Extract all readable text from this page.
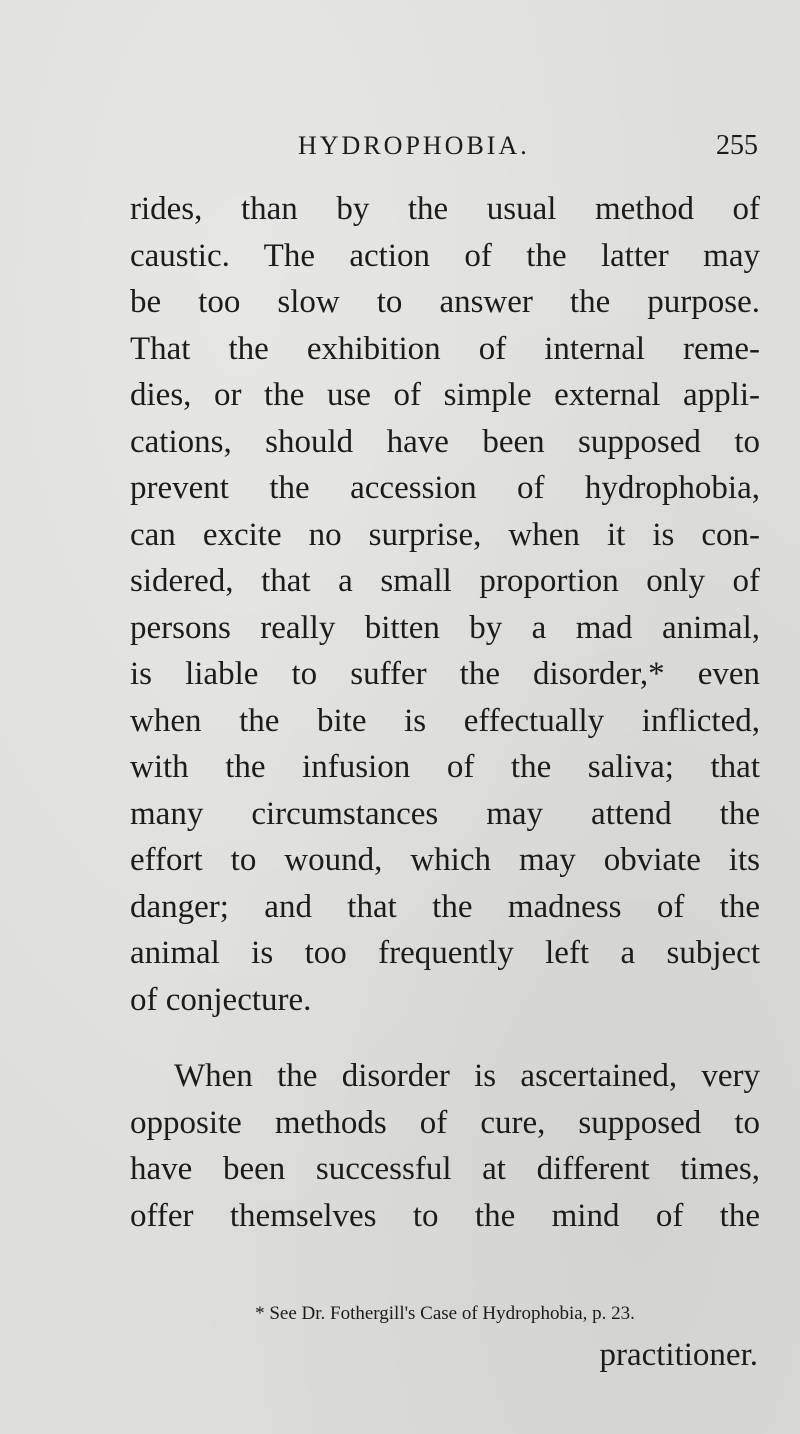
HYDROPHOBIA.	255

rides, than by the usual method of
caustic. The action of the latter may
be too slow to answer the purpose.
That the exhibition of internal reme-
dies, or the use of simple external appli-
cations, should have been supposed to
prevent the accession of hydrophobia,
can excite no surprise, when it is con-
sidered, that a small proportion only of
persons really bitten by a mad animal,
is liable to suffer the disorder,* even
when the bite is effectually inflicted,
with the infusion of the saliva; that
many circumstances may attend the
effort to wound, which may obviate its
danger; and that the madness of the
animal is too frequently left a subject
of conjecture.

When the disorder is ascertained, very
opposite methods of cure, supposed to
have been successful at different times,
offer themselves to the mind of the

* See Dr. Fothergill's Case of Hydrophobia, p. 23.
practitioner.
